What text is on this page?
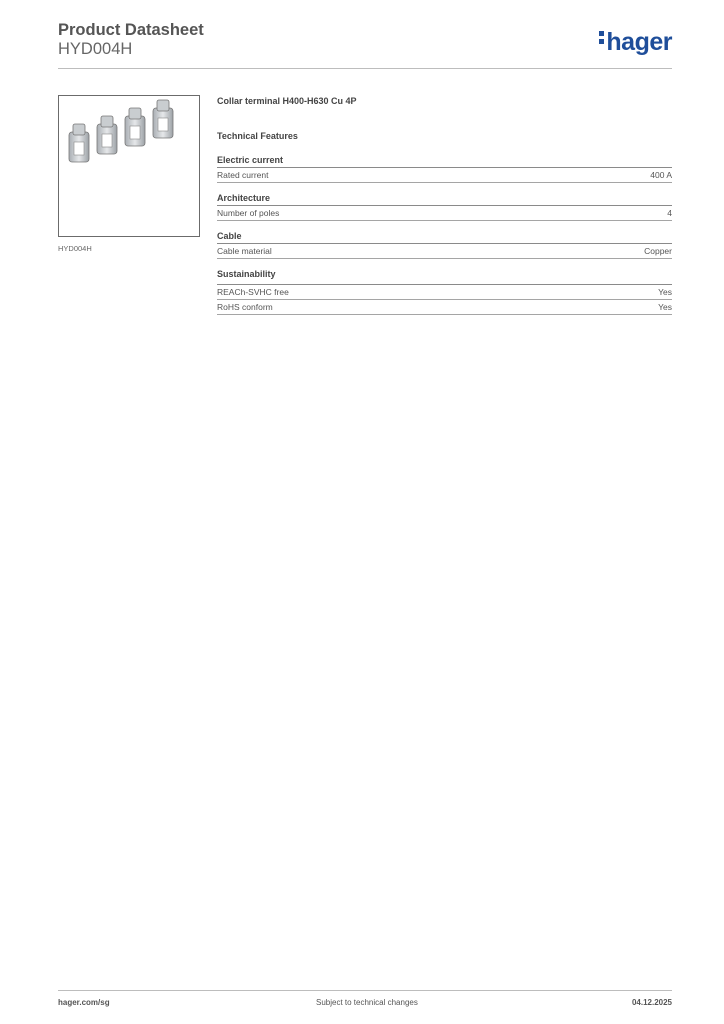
Product Datasheet
HYD004H	hager
HYD004H
Collar terminal H400-H630 Cu 4P
Technical Features
Electric current
Rated current	400 A
Architecture
Number of poles	4
Cable
Cable material	Copper
Sustainability
REACh-SVHC free	Yes
RoHS conform	Yes
hager.com/sg	Subject to technical changes	04.12.2025
